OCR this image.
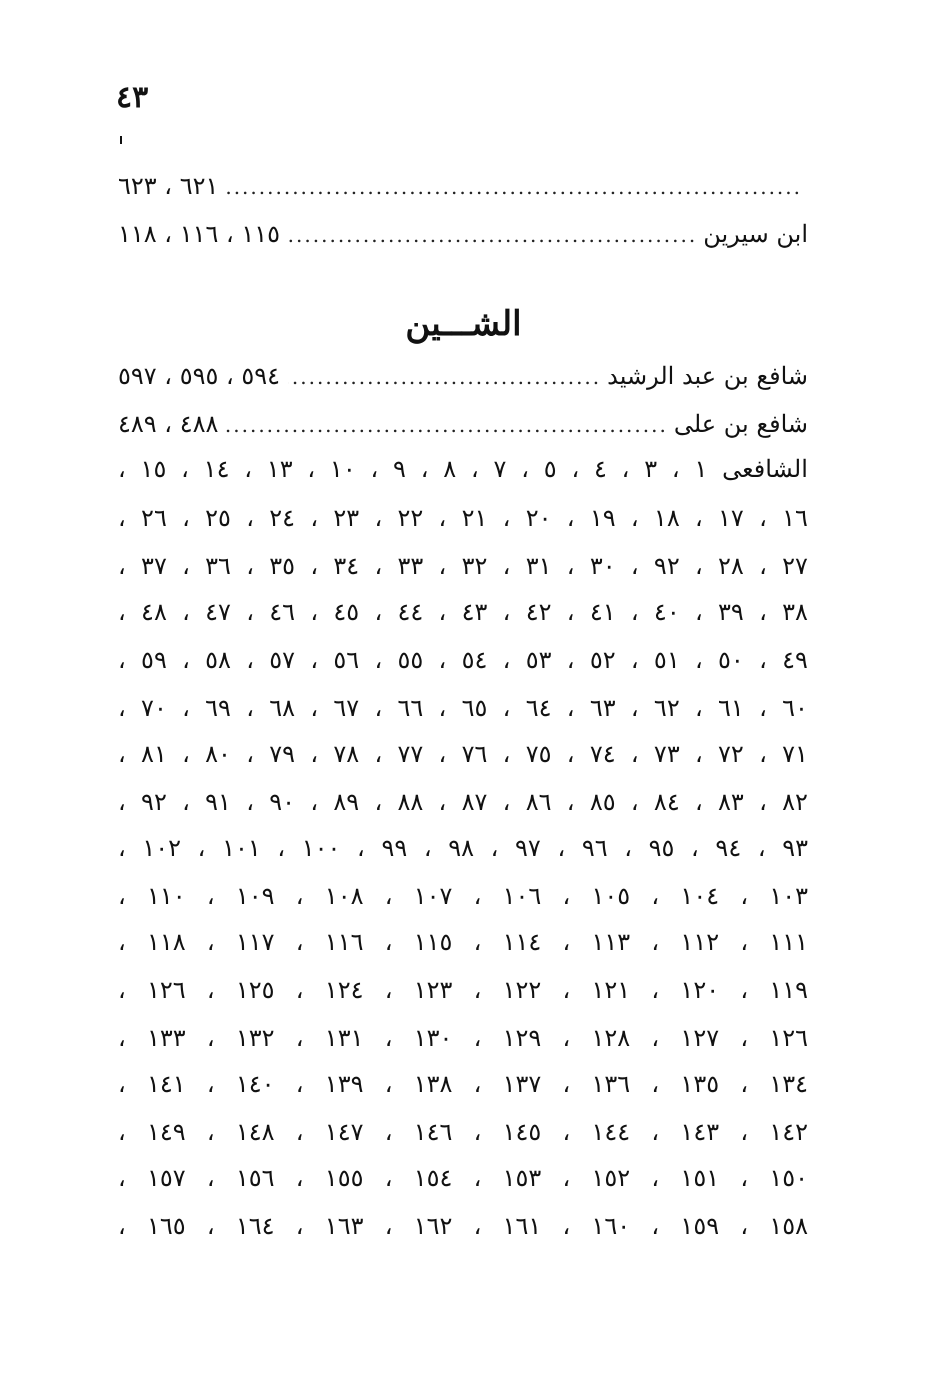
٤٣
.....
٦٢١ ، ٦٢٣
ابن سيرين
.....
١١٥ ، ١١٦ ، ١١٨
الشـــين
شافع بن عبد الرشيد
.....
٥٩٤ ، ٥٩٥ ، ٥٩٧
شافع بن على
.....
٤٨٨ ، ٤٨٩
الشافعى ١ ، ٣ ، ٤ ، ٥ ، ٧ ، ٨ ، ٩ ، ١٠ ، ١٣ ، ١٤ ، ١٥ ،
١٦ ، ١٧ ، ١٨ ، ١٩ ، ٢٠ ، ٢١ ، ٢٢ ، ٢٣ ، ٢٤ ، ٢٥ ، ٢٦ ،
٢٧ ، ٢٨ ، ٩٢ ، ٣٠ ، ٣١ ، ٣٢ ، ٣٣ ، ٣٤ ، ٣٥ ، ٣٦ ، ٣٧ ،
٣٨ ، ٣٩ ، ٤٠ ، ٤١ ، ٤٢ ، ٤٣ ، ٤٤ ، ٤٥ ، ٤٦ ، ٤٧ ، ٤٨ ،
٤٩ ، ٥٠ ، ٥١ ، ٥٢ ، ٥٣ ، ٥٤ ، ٥٥ ، ٥٦ ، ٥٧ ، ٥٨ ، ٥٩ ،
٦٠ ، ٦١ ، ٦٢ ، ٦٣ ، ٦٤ ، ٦٥ ، ٦٦ ، ٦٧ ، ٦٨ ، ٦٩ ، ٧٠ ،
٧١ ، ٧٢ ، ٧٣ ، ٧٤ ، ٧٥ ، ٧٦ ، ٧٧ ، ٧٨ ، ٧٩ ، ٨٠ ، ٨١ ،
٨٢ ، ٨٣ ، ٨٤ ، ٨٥ ، ٨٦ ، ٨٧ ، ٨٨ ، ٨٩ ، ٩٠ ، ٩١ ، ٩٢ ،
٩٣ ، ٩٤ ، ٩٥ ، ٩٦ ، ٩٧ ، ٩٨ ، ٩٩ ، ١٠٠ ، ١٠١ ، ١٠٢ ،
١٠٣ ، ١٠٤ ، ١٠٥ ، ١٠٦ ، ١٠٧ ، ١٠٨ ، ١٠٩ ، ١١٠ ،
١١١ ، ١١٢ ، ١١٣ ، ١١٤ ، ١١٥ ، ١١٦ ، ١١٧ ، ١١٨ ،
١١٩ ، ١٢٠ ، ١٢١ ، ١٢٢ ، ١٢٣ ، ١٢٤ ، ١٢٥ ، ١٢٦ ،
١٢٦ ، ١٢٧ ، ١٢٨ ، ١٢٩ ، ١٣٠ ، ١٣١ ، ١٣٢ ، ١٣٣ ،
١٣٤ ، ١٣٥ ، ١٣٦ ، ١٣٧ ، ١٣٨ ، ١٣٩ ، ١٤٠ ، ١٤١ ،
١٤٢ ، ١٤٣ ، ١٤٤ ، ١٤٥ ، ١٤٦ ، ١٤٧ ، ١٤٨ ، ١٤٩ ،
١٥٠ ، ١٥١ ، ١٥٢ ، ١٥٣ ، ١٥٤ ، ١٥٥ ، ١٥٦ ، ١٥٧ ،
١٥٨ ، ١٥٩ ، ١٦٠ ، ١٦١ ، ١٦٢ ، ١٦٣ ، ١٦٤ ، ١٦٥ ،
